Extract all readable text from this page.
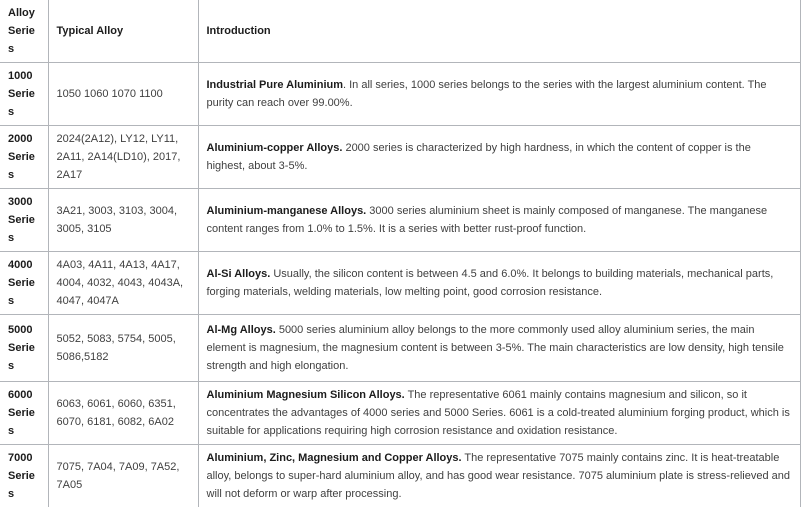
Alloy Series	Typical Alloy	Introduction
1000 Series	1050 1060 1070 1100	Industrial Pure Aluminium. In all series, 1000 series belongs to the series with the largest aluminium content. The purity can reach over 99.00%.
2000 Series	2024(2A12), LY12, LY11, 2A11, 2A14(LD10), 2017, 2A17	Aluminium-copper Alloys. 2000 series is characterized by high hardness, in which the content of copper is the highest, about 3-5%.
3000 Series	3A21, 3003, 3103, 3004, 3005, 3105	Aluminium-manganese Alloys. 3000 series aluminium sheet is mainly composed of manganese. The manganese content ranges from 1.0% to 1.5%. It is a series with better rust-proof function.
4000 Series	4A03, 4A11, 4A13, 4A17, 4004, 4032, 4043, 4043A, 4047, 4047A	Al-Si Alloys. Usually, the silicon content is between 4.5 and 6.0%. It belongs to building materials, mechanical parts, forging materials, welding materials, low melting point, good corrosion resistance.
5000 Series	5052, 5083, 5754, 5005, 5086,5182	Al-Mg Alloys. 5000 series aluminium alloy belongs to the more commonly used alloy aluminium series, the main element is magnesium, the magnesium content is between 3-5%. The main characteristics are low density, high tensile strength and high elongation.
6000 Series	6063, 6061, 6060, 6351, 6070, 6181, 6082, 6A02	Aluminium Magnesium Silicon Alloys. The representative 6061 mainly contains magnesium and silicon, so it concentrates the advantages of 4000 series and 5000 Series. 6061 is a cold-treated aluminium forging product, which is suitable for applications requiring high corrosion resistance and oxidation resistance.
7000 Series	7075, 7A04, 7A09, 7A52, 7A05	Aluminium, Zinc, Magnesium and Copper Alloys. The representative 7075 mainly contains zinc. It is heat-treatable alloy, belongs to super-hard aluminium alloy, and has good wear resistance. 7075 aluminium plate is stress-relieved and will not deform or warp after processing.
